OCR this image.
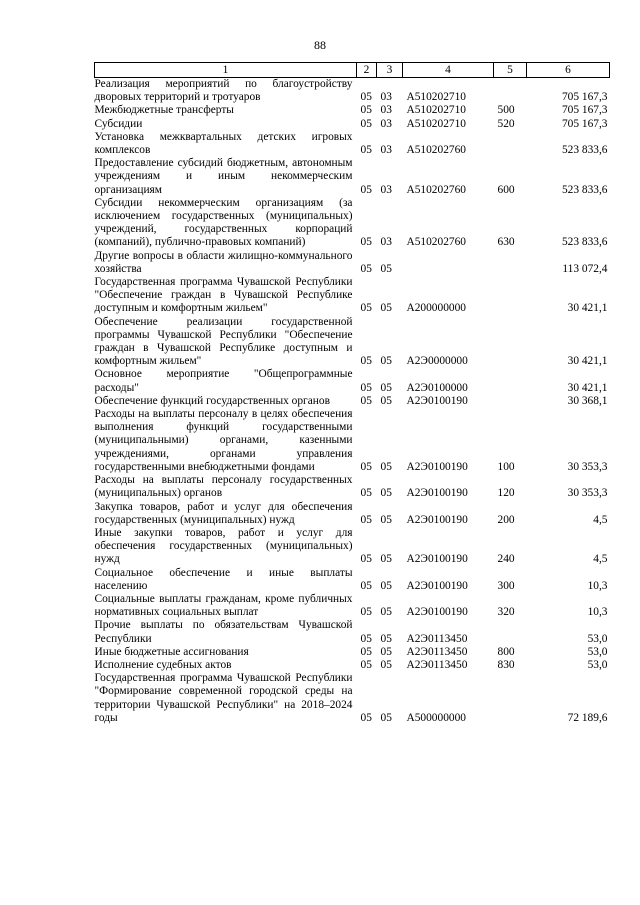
88
1	2	3	4	5	6
Реализация мероприятий по благоустройству дворовых территорий и тротуаров	05	03	А510202710		705 167,3
Межбюджетные трансферты	05	03	А510202710	500	705 167,3
Субсидии	05	03	А510202710	520	705 167,3
Установка межквартальных детских игровых комплексов	05	03	А510202760		523 833,6
Предоставление субсидий бюджетным, автономным учреждениям и иным некоммерческим организациям	05	03	А510202760	600	523 833,6
Субсидии некоммерческим организациям (за исключением государственных (муниципальных) учреждений, государственных корпораций (компаний), публично-правовых компаний)	05	03	А510202760	630	523 833,6
Другие вопросы в области жилищно-коммунального хозяйства	05	05			113 072,4
Государственная программа Чувашской Республики "Обеспечение граждан в Чувашской Республике доступным и комфортным жильем"	05	05	А200000000		30 421,1
Обеспечение реализации государственной программы Чувашской Республики "Обеспечение граждан в Чувашской Республике доступным и комфортным жильем"	05	05	А2Э0000000		30 421,1
Основное мероприятие "Общепрограммные расходы"	05	05	А2Э0100000		30 421,1
Обеспечение функций государственных органов	05	05	А2Э0100190		30 368,1
Расходы на выплаты персоналу в целях обеспечения выполнения функций государственными (муниципальными) органами, казенными учреждениями, органами управления государственными внебюджетными фондами	05	05	А2Э0100190	100	30 353,3
Расходы на выплаты персоналу государственных (муниципальных) органов	05	05	А2Э0100190	120	30 353,3
Закупка товаров, работ и услуг для обеспечения государственных (муниципальных) нужд	05	05	А2Э0100190	200	4,5
Иные закупки товаров, работ и услуг для обеспечения государственных (муниципальных) нужд	05	05	А2Э0100190	240	4,5
Социальное обеспечение и иные выплаты населению	05	05	А2Э0100190	300	10,3
Социальные выплаты гражданам, кроме публичных нормативных социальных выплат	05	05	А2Э0100190	320	10,3
Прочие выплаты по обязательствам Чувашской Республики	05	05	А2Э0113450		53,0
Иные бюджетные ассигнования	05	05	А2Э0113450	800	53,0
Исполнение судебных актов	05	05	А2Э0113450	830	53,0
Государственная программа Чувашской Республики "Формирование современной городской среды на территории Чувашской Республики" на 2018–2024 годы	05	05	А500000000		72 189,6
